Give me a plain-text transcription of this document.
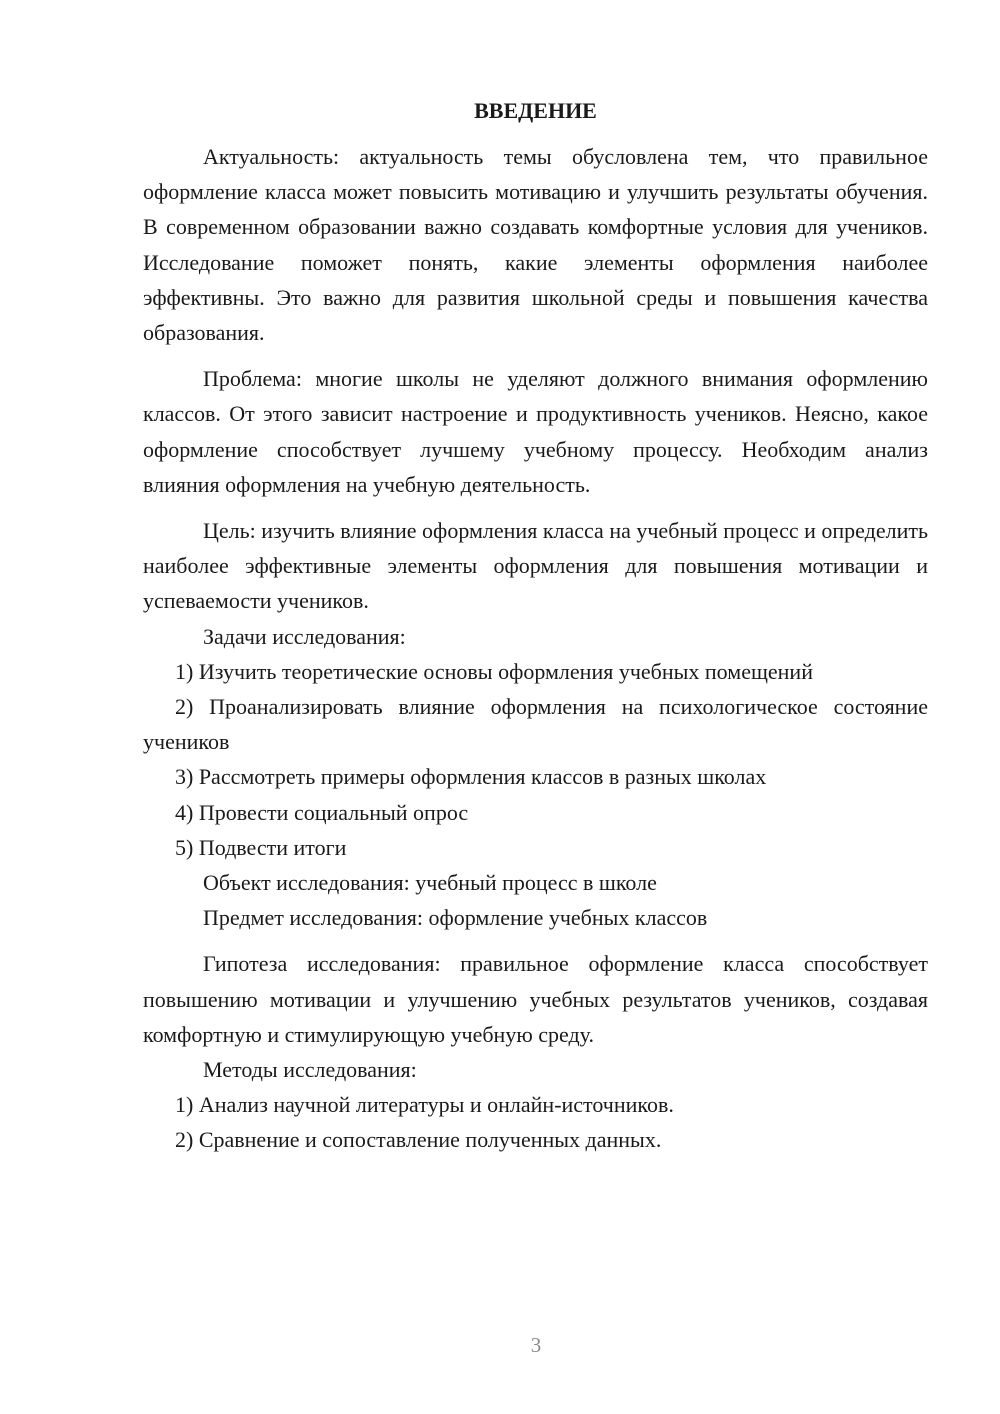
ВВЕДЕНИЕ

Актуальность: актуальность темы обусловлена тем, что правильное оформление класса может повысить мотивацию и улучшить результаты обучения. В современном образовании важно создавать комфортные условия для учеников. Исследование поможет понять, какие элементы оформления наиболее эффективны. Это важно для развития школьной среды и повышения качества образования.

Проблема: многие школы не уделяют должного внимания оформлению классов. От этого зависит настроение и продуктивность учеников. Неясно, какое оформление способствует лучшему учебному процессу. Необходим анализ влияния оформления на учебную деятельность.

Цель: изучить влияние оформления класса на учебный процесс и определить наиболее эффективные элементы оформления для повышения мотивации и успеваемости учеников.

Задачи исследования:

1) Изучить теоретические основы оформления учебных помещений

2) Проанализировать влияние оформления на психологическое состояние учеников

3) Рассмотреть примеры оформления классов в разных школах

4) Провести социальный опрос

5) Подвести итоги

Объект исследования: учебный процесс в школе

Предмет исследования: оформление учебных классов

Гипотеза исследования: правильное оформление класса способствует повышению мотивации и улучшению учебных результатов учеников, создавая комфортную и стимулирующую учебную среду.

Методы исследования:

1) Анализ научной литературы и онлайн-источников.

2) Сравнение и сопоставление полученных данных.

3
